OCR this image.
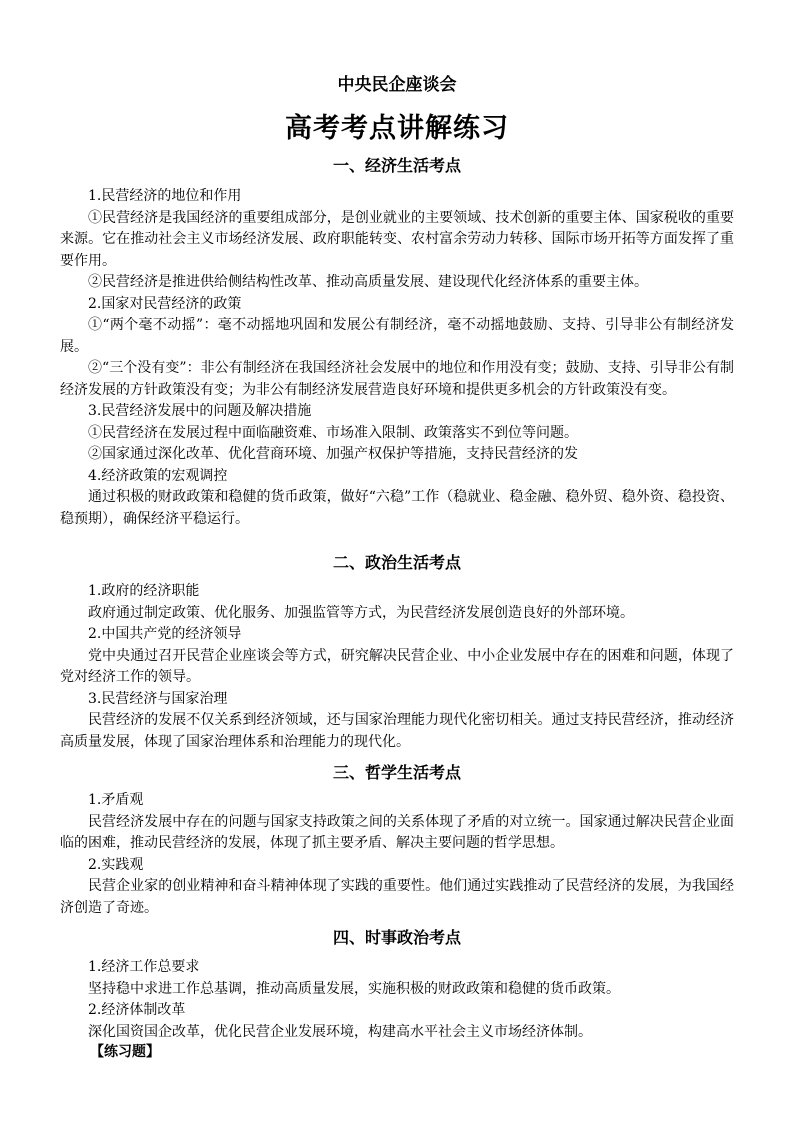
中央民企座谈会
高考考点讲解练习
一、经济生活考点

1.民营经济的地位和作用

①民营经济是我国经济的重要组成部分，是创业就业的主要领域、技术创新的重要主体、国家税收的重要来源。它在推动社会主义市场经济发展、政府职能转变、农村富余劳动力转移、国际市场开拓等方面发挥了重要作用。

②民营经济是推进供给侧结构性改革、推动高质量发展、建设现代化经济体系的重要主体。

2.国家对民营经济的政策

①“两个毫不动摇”：毫不动摇地巩固和发展公有制经济，毫不动摇地鼓励、支持、引导非公有制经济发展。

②“三个没有变”：非公有制经济在我国经济社会发展中的地位和作用没有变；鼓励、支持、引导非公有制经济发展的方针政策没有变；为非公有制经济发展营造良好环境和提供更多机会的方针政策没有变。

3.民营经济发展中的问题及解决措施

①民营经济在发展过程中面临融资难、市场准入限制、政策落实不到位等问题。

②国家通过深化改革、优化营商环境、加强产权保护等措施，支持民营经济的发

4.经济政策的宏观调控

通过积极的财政政策和稳健的货币政策，做好“六稳”工作（稳就业、稳金融、稳外贸、稳外资、稳投资、稳预期），确保经济平稳运行。

二、政治生活考点

1.政府的经济职能

政府通过制定政策、优化服务、加强监管等方式，为民营经济发展创造良好的外部环境。

2.中国共产党的经济领导

党中央通过召开民营企业座谈会等方式，研究解决民营企业、中小企业发展中存在的困难和问题，体现了党对经济工作的领导。

3.民营经济与国家治理

民营经济的发展不仅关系到经济领域，还与国家治理能力现代化密切相关。通过支持民营经济，推动经济高质量发展，体现了国家治理体系和治理能力的现代化。

三、哲学生活考点

1.矛盾观

民营经济发展中存在的问题与国家支持政策之间的关系体现了矛盾的对立统一。国家通过解决民营企业面临的困难，推动民营经济的发展，体现了抓主要矛盾、解决主要问题的哲学思想。

2.实践观

民营企业家的创业精神和奋斗精神体现了实践的重要性。他们通过实践推动了民营经济的发展，为我国经济创造了奇迹。

四、时事政治考点

1.经济工作总要求

坚持稳中求进工作总基调，推动高质量发展，实施积极的财政政策和稳健的货币政策。

2.经济体制改革

深化国资国企改革，优化民营企业发展环境，构建高水平社会主义市场经济体制。

【练习题】
